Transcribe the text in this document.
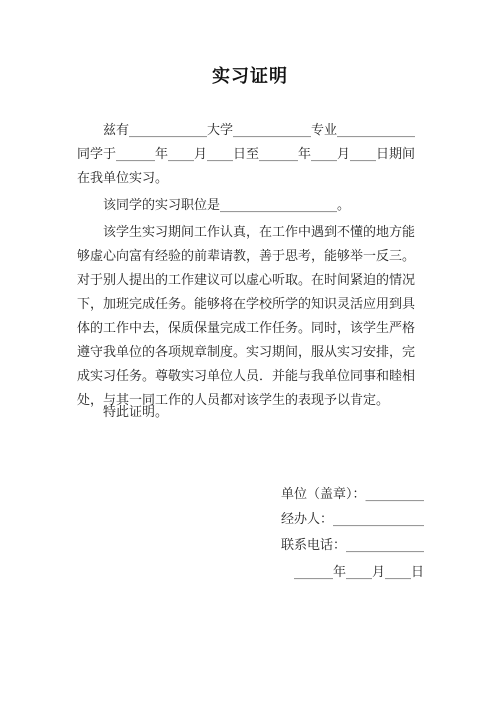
实习证明
兹有____________大学____________专业____________同学于______年____月____日至______年____月____日期间在我单位实习。
该同学的实习职位是__________________。
该学生实习期间工作认真，在工作中遇到不懂的地方能够虚心向富有经验的前辈请教，善于思考，能够举一反三。对于别人提出的工作建议可以虚心听取。在时间紧迫的情况下，加班完成任务。能够将在学校所学的知识灵活应用到具体的工作中去，保质保量完成工作任务。同时，该学生严格遵守我单位的各项规章制度。实习期间，服从实习安排，完成实习任务。尊敬实习单位人员．并能与我单位同事和睦相处，与其一同工作的人员都对该学生的表现予以肯定。
特此证明。
单位（盖章）：_________
经办人：______________
联系电话：____________
______年____月____日
